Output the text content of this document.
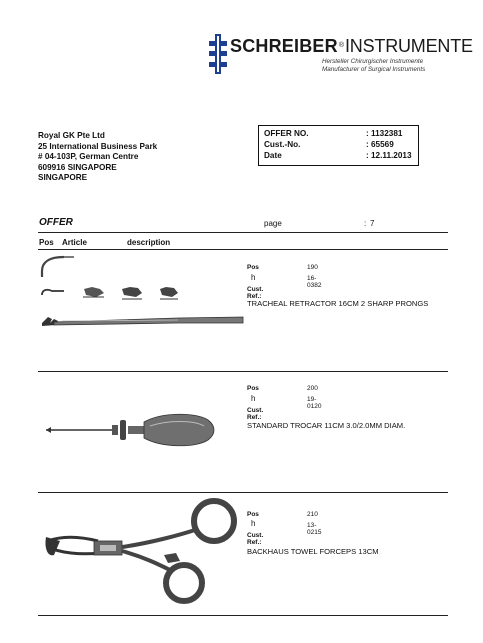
SCHREIBER®INSTRUMENTE
Hersteller Chirurgischer Instrumente
Manufacturer of Surgical Instruments
Royal GK Pte Ltd
25 International Business Park
# 04-103P, German Centre
609916 SINGAPORE
SINGAPORE
OFFER NO.	: 1132381
Cust.-No.	: 65569
Date	: 12.11.2013
OFFER	page	: 7
Pos Article	description
Pos	190
h	16-0382
Cust. Ref.:
TRACHEAL RETRACTOR 16CM 2 SHARP PRONGS
Pos	200
h	19-0120
Cust. Ref.:
STANDARD TROCAR 11CM 3.0/2.0MM DIAM.
Pos	210
h	13-0215
Cust. Ref.:
BACKHAUS TOWEL FORCEPS 13CM
